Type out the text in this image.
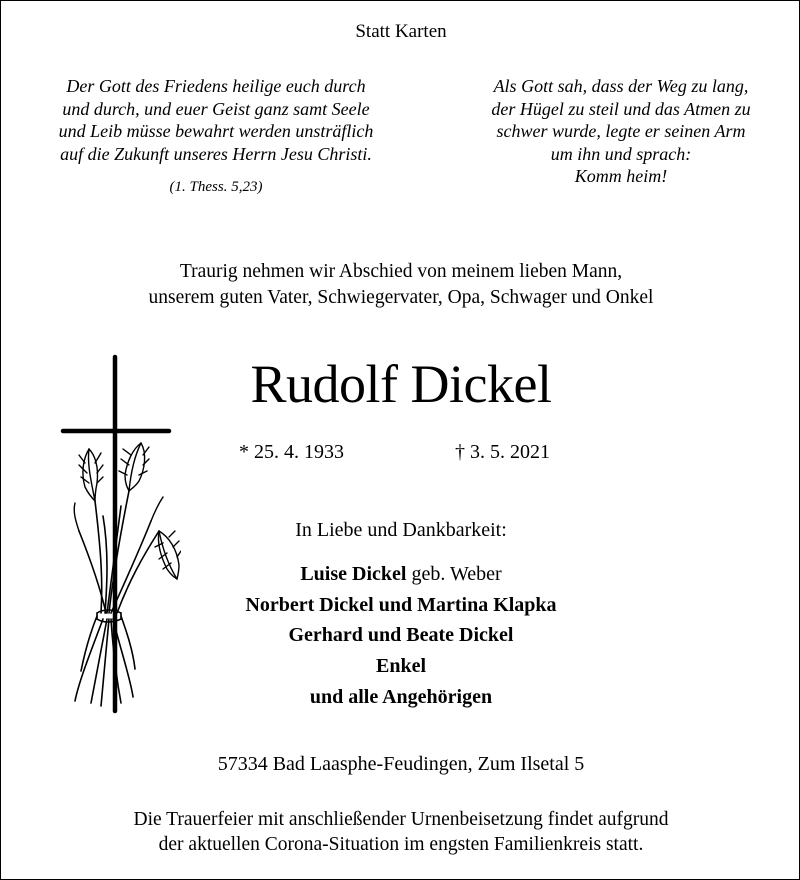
Statt Karten
Der Gott des Friedens heilige euch durch
und durch, und euer Geist ganz samt Seele
und Leib müsse bewahrt werden unsträflich
auf die Zukunft unseres Herrn Jesu Christi.
(1. Thess. 5,23)
Als Gott sah, dass der Weg zu lang,
der Hügel zu steil und das Atmen zu
schwer wurde, legte er seinen Arm
um ihn und sprach:
Komm heim!
Traurig nehmen wir Abschied von meinem lieben Mann,
unserem guten Vater, Schwiegervater, Opa, Schwager und Onkel
Rudolf Dickel
* 25. 4. 1933	† 3. 5. 2021
In Liebe und Dankbarkeit:
Luise Dickel geb. Weber
Norbert Dickel und Martina Klapka
Gerhard und Beate Dickel
Enkel
und alle Angehörigen
57334 Bad Laasphe-Feudingen, Zum Ilsetal 5
Die Trauerfeier mit anschließender Urnenbeisetzung findet aufgrund
der aktuellen Corona-Situation im engsten Familienkreis statt.
